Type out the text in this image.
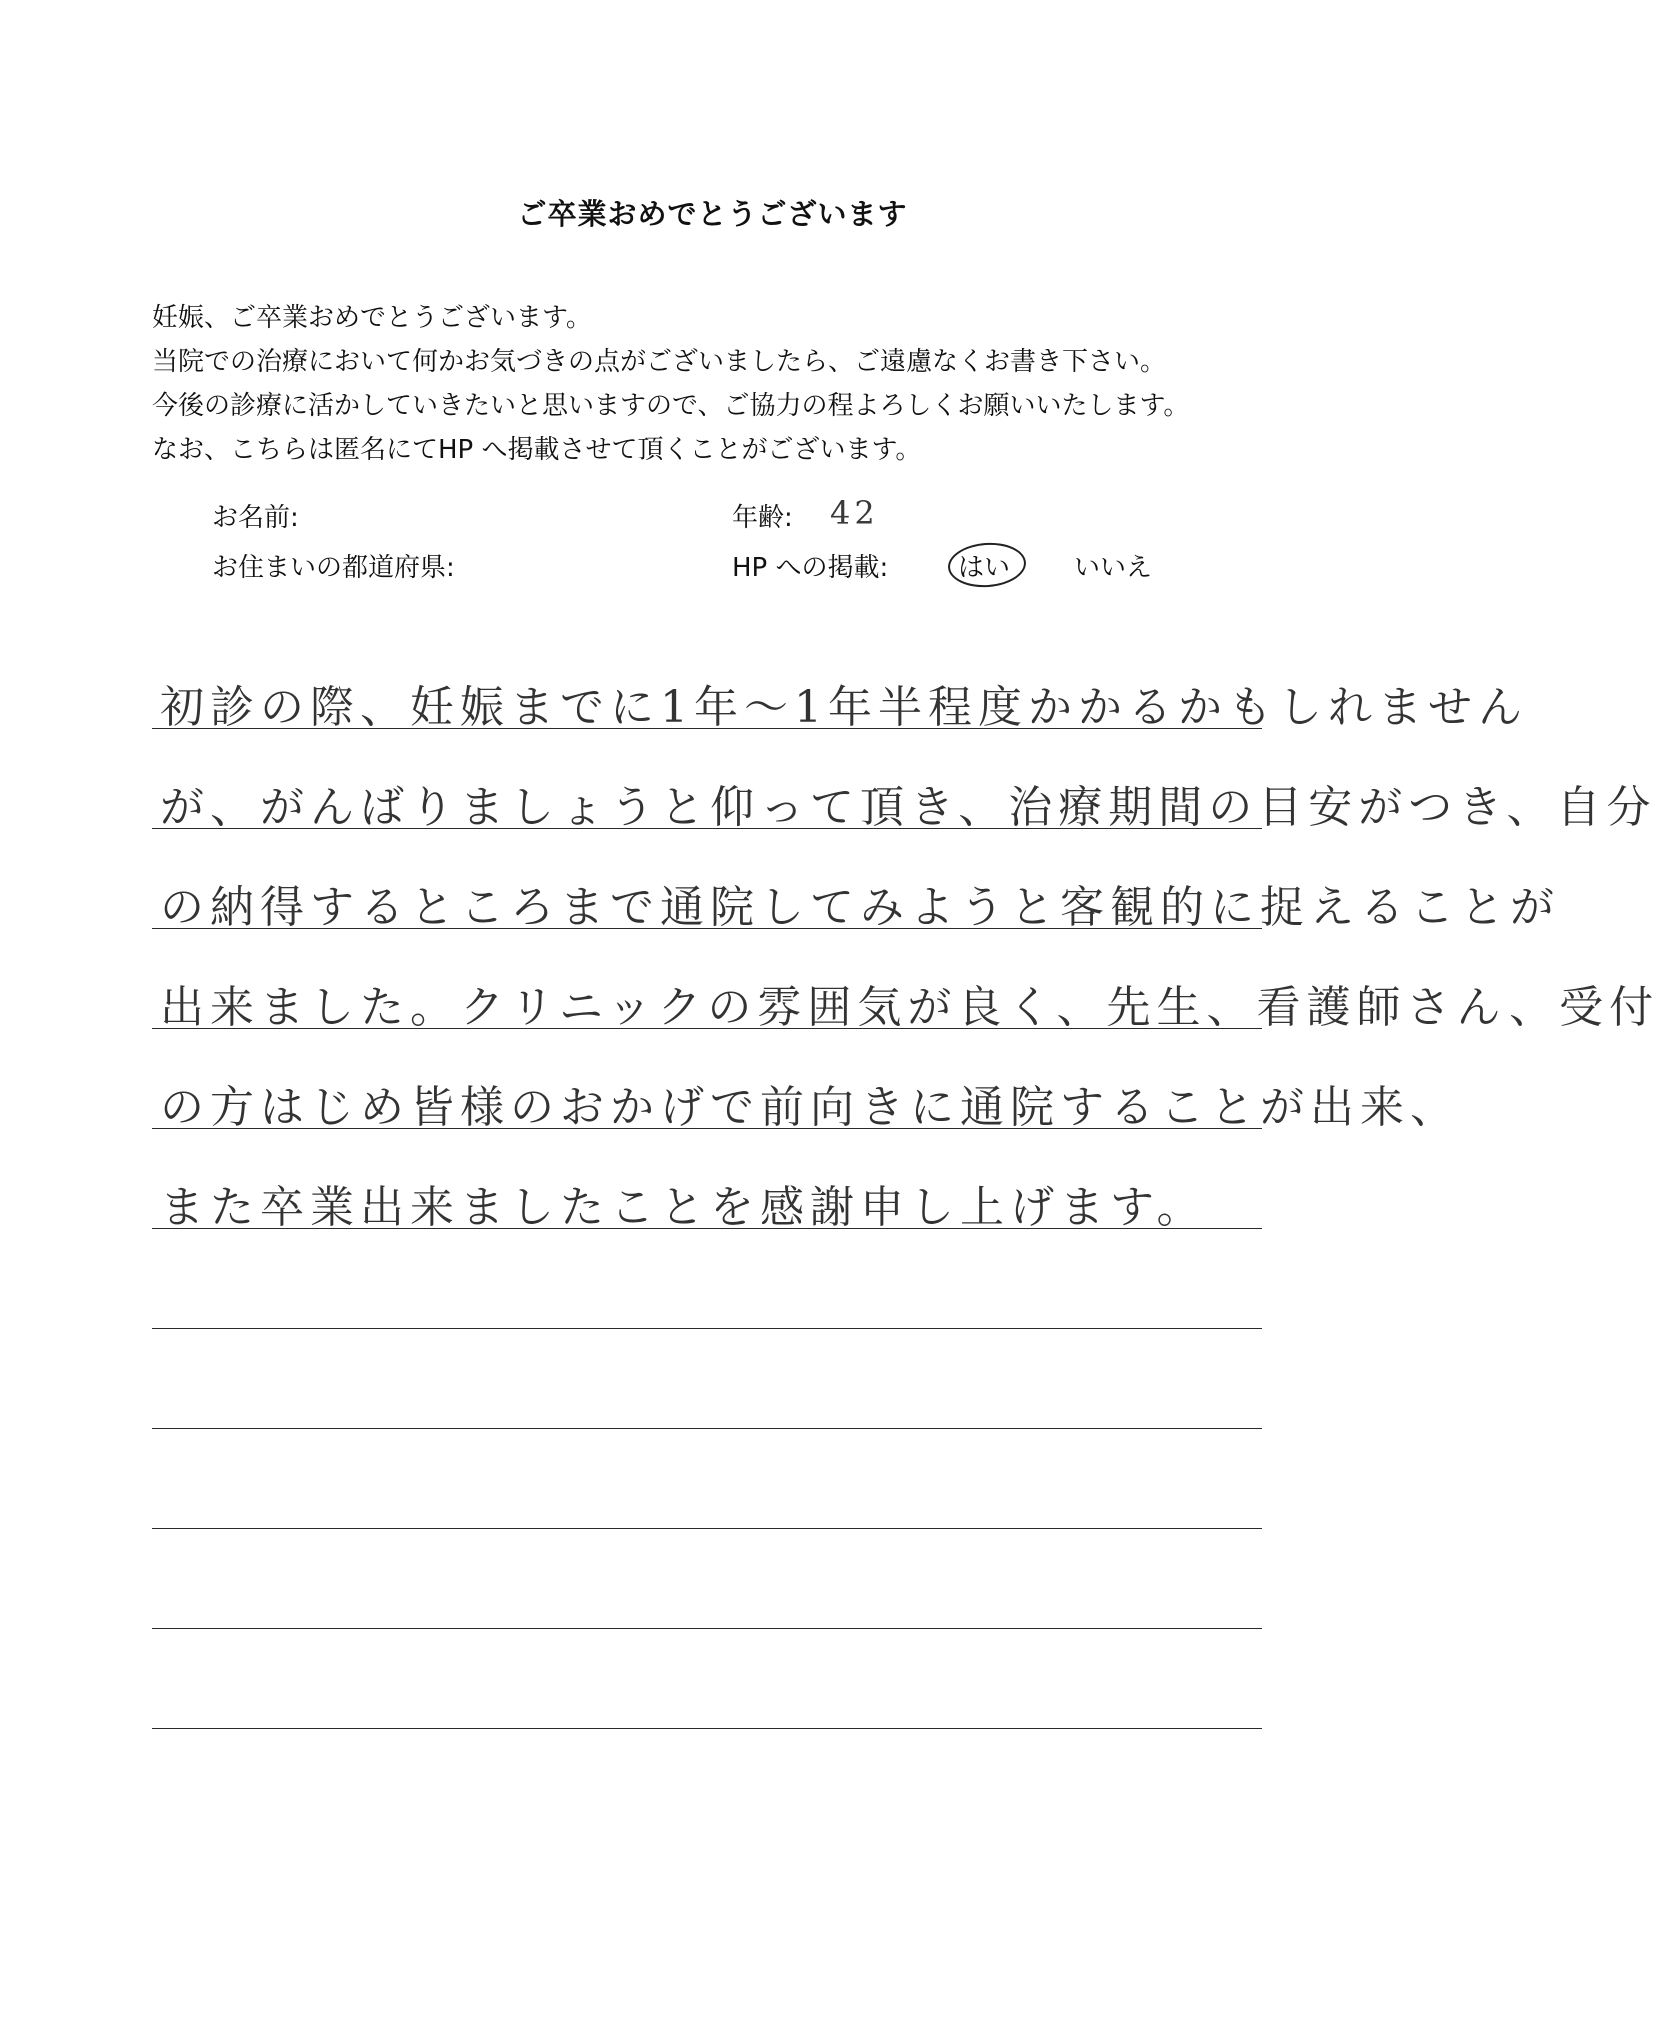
ご卒業おめでとうございます
妊娠、ご卒業おめでとうございます。
当院での治療において何かお気づきの点がございましたら、ご遠慮なくお書き下さい。
今後の診療に活かしていきたいと思いますので、ご協力の程よろしくお願いいたします。
なお、こちらは匿名にてHP へ掲載させて頂くことがございます。
お名前:	年齢: 42
お住まいの都道府県:	HP への掲載:	はい いいえ
初診の際、妊娠までに1年〜1年半程度かかるかもしれません
が、がんばりましょうと仰って頂き、治療期間の目安がつき、自分
の納得するところまで通院してみようと客観的に捉えることが
出来ました。クリニックの雰囲気が良く、先生、看護師さん、受付
の方はじめ皆様のおかげで前向きに通院することが出来、
また卒業出来ましたことを感謝申し上げます。
